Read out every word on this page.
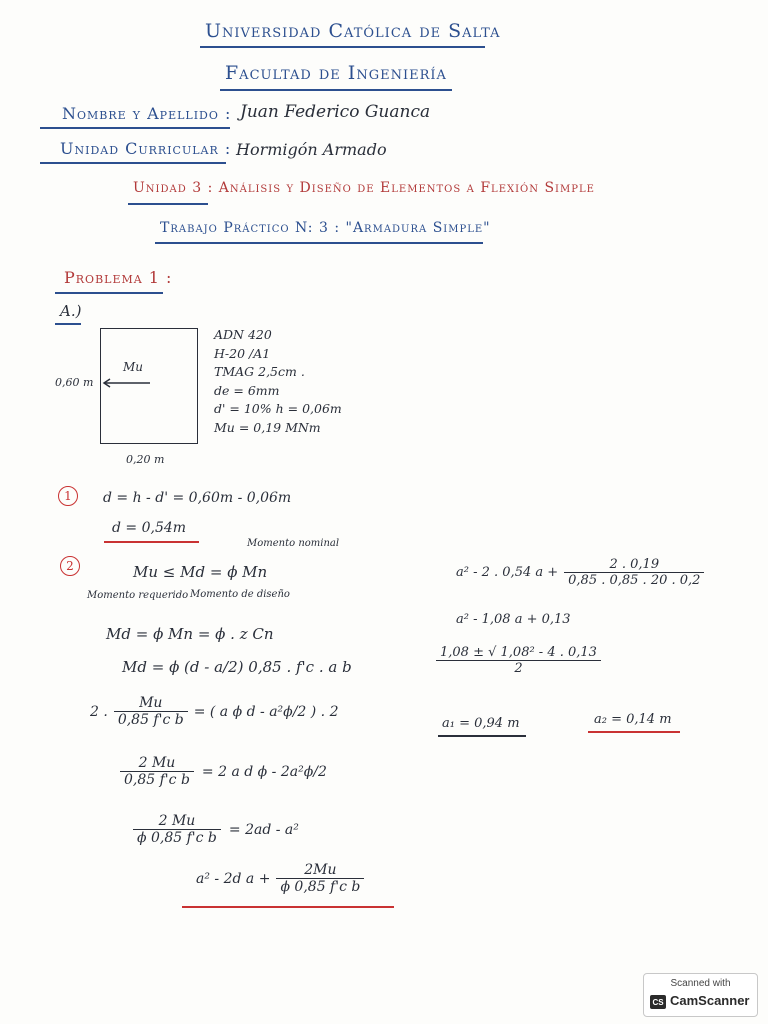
Universidad Católica de Salta
Facultad de Ingeniería
Nombre y Apellido : Juan Federico Guanca
Unidad Curricular : Hormigón Armado
Unidad 3 : Análisis y Diseño de Elementos a Flexión Simple
Trabajo Práctico N: 3 : "Armadura Simple"
Problema 1 :
A.)
Mu
0,60 m
0,20 m
ADN 420
H-20 /A1
TMAG 2,5cm .
de = 6mm
d' = 10% h = 0,06m
Mu = 0,19 MNm
1	d = h - d' = 0,60m - 0,06m
d = 0,54m
2
Momento nominal
Mu ≤ Md = ϕ Mn
Momento requerido Momento de diseño
Md = ϕ Mn = ϕ . z Cn
Md = ϕ (d - a/2) 0,85 . f'c . a b
2 . $\frac{Mu}{\text{0,85 f'c b}}$ = ( a ϕ d - a²ϕ/2 ) . 2
$\frac{2 Mu}{\text{0,85 f'c b}} = 2$ a d ϕ - 2a²ϕ/2
$\frac{2 Mu}{\text{ϕ 0,85 f'c b}} = 2ad - a^2$
a² - 2d $a + \frac{2Mu}{\text{ϕ 0,85 f'c b}}$
a² - 2 . 0,54 $a + \frac{2 . 0,19}{0,85 . 0,85 . 20 . 0,2}$
a² - 1,08 a + 0,13
$\frac{\text{1,08 ± √ 1,08² - 4 . 0,13}}{2}$
a₁ = 0,94 m	a₂ = 0,14 m
Scanned with
CS CamScanner
